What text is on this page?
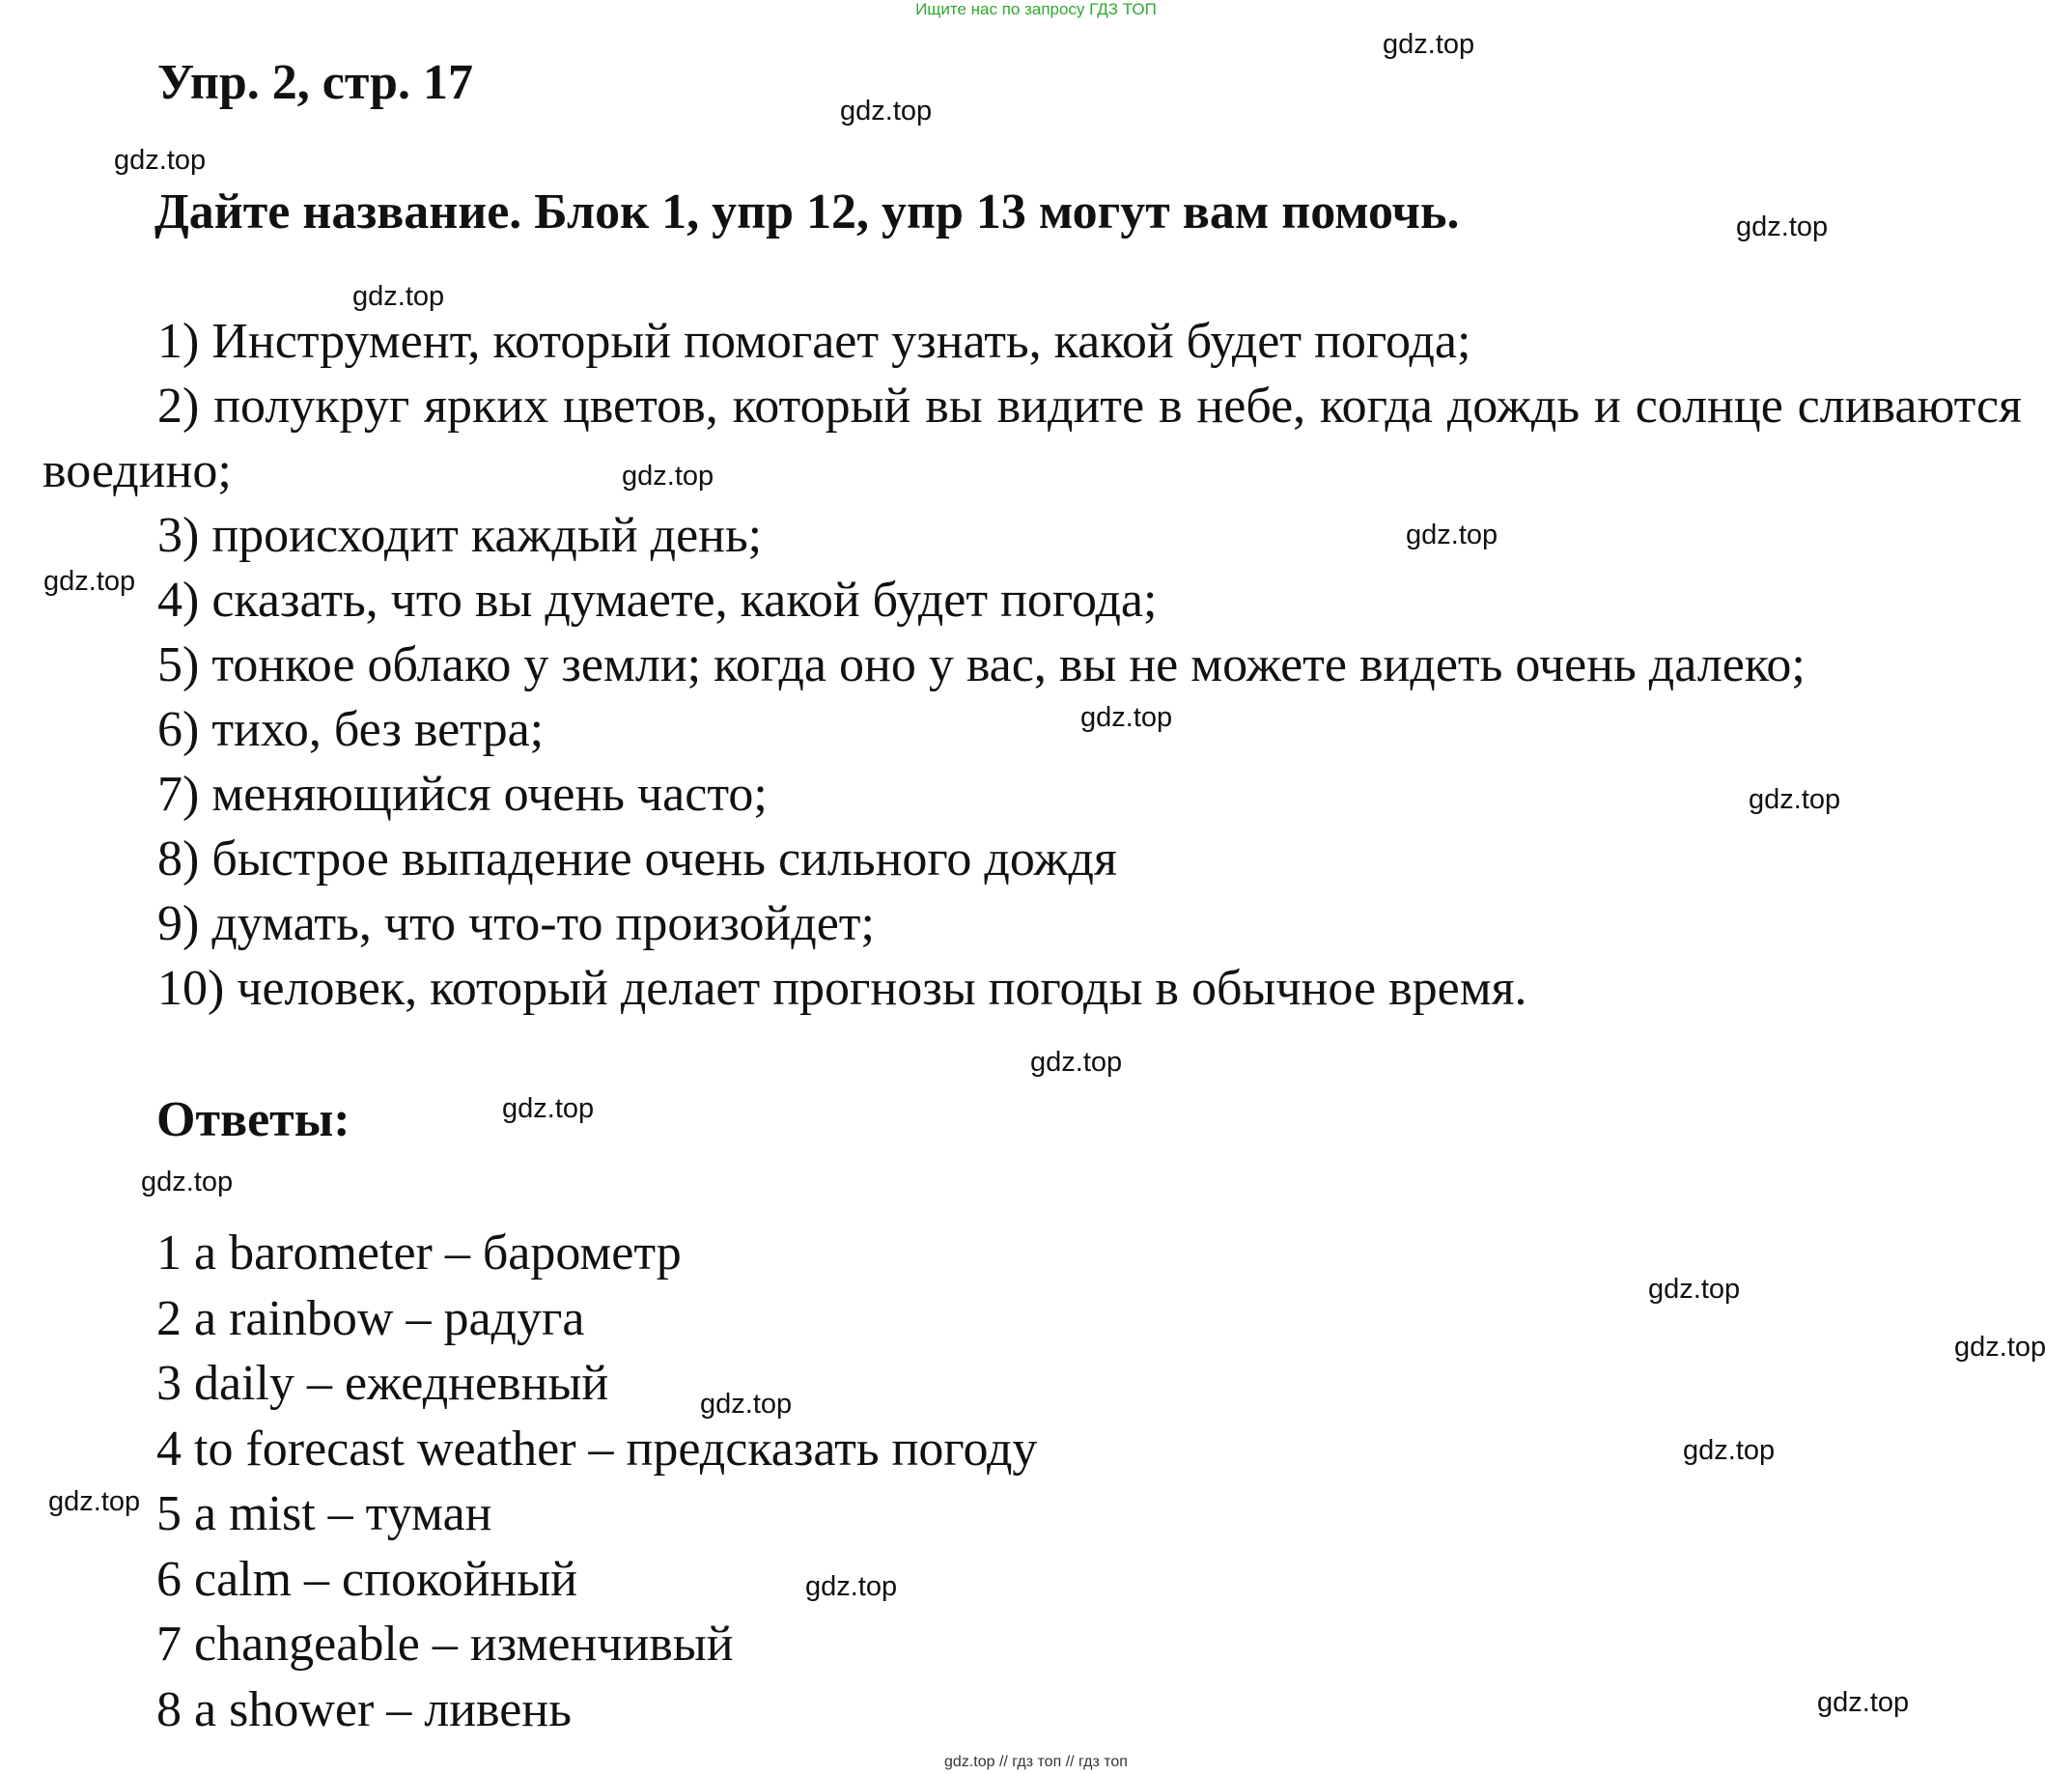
Ищите нас по запросу ГДЗ ТОП
Упр. 2, стр. 17
Дайте название. Блок 1, упр 12, упр 13 могут вам помочь.
1) Инструмент, который помогает узнать, какой будет погода;
2) полукруг ярких цветов, который вы видите в небе, когда дождь и солнце сливаются воедино;
3) происходит каждый день;
4) сказать, что вы думаете, какой будет погода;
5) тонкое облако у земли; когда оно у вас, вы не можете видеть очень далеко;
6) тихо, без ветра;
7) меняющийся очень часто;
8) быстрое выпадение очень сильного дождя
9) думать, что что-то произойдет;
10) человек, который делает прогнозы погоды в обычное время.
Ответы:
1 a barometer – барометр
2 a rainbow – радуга
3 daily – ежедневный
4 to forecast weather – предсказать погоду
5 a mist – туман
6 calm – спокойный
7 changeable – изменчивый
8 a shower – ливень
gdz.top
gdz.top
gdz.top
gdz.top
gdz.top
gdz.top
gdz.top
gdz.top
gdz.top
gdz.top
gdz.top
gdz.top
gdz.top
gdz.top
gdz.top
gdz.top
gdz.top
gdz.top
gdz.top
gdz.top
gdz.top // гдз топ // гдз топ
